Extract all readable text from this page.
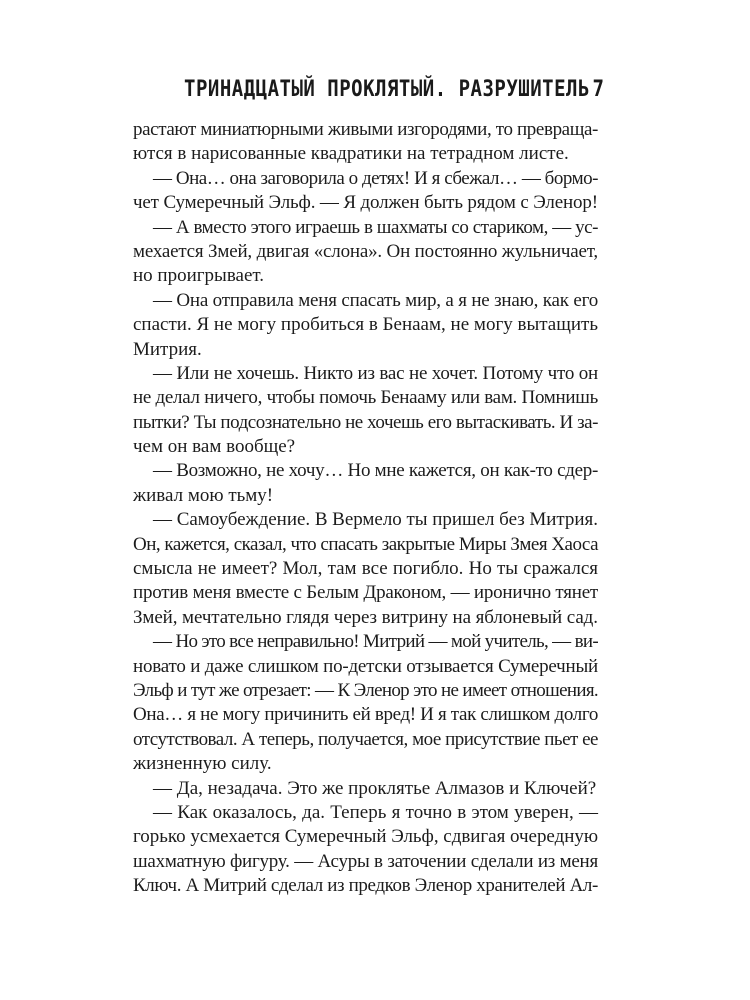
ТРИНАДЦАТЫЙ ПРОКЛЯТЫЙ. РАЗРУШИТЕЛЬ 7
растают миниатюрными живыми изгородями, то превраща-
ются в нарисованные квадратики на тетрадном листе.
— Она… она заговорила о детях! И я сбежал… — бормо-
чет Сумеречный Эльф. — Я должен быть рядом с Эленор!
— А вместо этого играешь в шахматы со стариком, — ус-
мехается Змей, двигая «слона». Он постоянно жульничает,
но проигрывает.
— Она отправила меня спасать мир, а я не знаю, как его
спасти. Я не могу пробиться в Бенаам, не могу вытащить
Митрия.
— Или не хочешь. Никто из вас не хочет. Потому что он
не делал ничего, чтобы помочь Бенааму или вам. Помнишь
пытки? Ты подсознательно не хочешь его вытаскивать. И за-
чем он вам вообще?
— Возможно, не хочу… Но мне кажется, он как-то сдер-
живал мою тьму!
— Самоубеждение. В Вермело ты пришел без Митрия.
Он, кажется, сказал, что спасать закрытые Миры Змея Хаоса
смысла не имеет? Мол, там все погибло. Но ты сражался
против меня вместе с Белым Драконом, — иронично тянет
Змей, мечтательно глядя через витрину на яблоневый сад.
— Но это все неправильно! Митрий — мой учитель, — ви-
новато и даже слишком по-детски отзывается Сумеречный
Эльф и тут же отрезает: — К Эленор это не имеет отношения.
Она… я не могу причинить ей вред! И я так слишком долго
отсутствовал. А теперь, получается, мое присутствие пьет ее
жизненную силу.
— Да, незадача. Это же проклятье Алмазов и Ключей?
— Как оказалось, да. Теперь я точно в этом уверен, —
горько усмехается Сумеречный Эльф, сдвигая очередную
шахматную фигуру. — Асуры в заточении сделали из меня
Ключ. А Митрий сделал из предков Эленор хранителей Ал-
